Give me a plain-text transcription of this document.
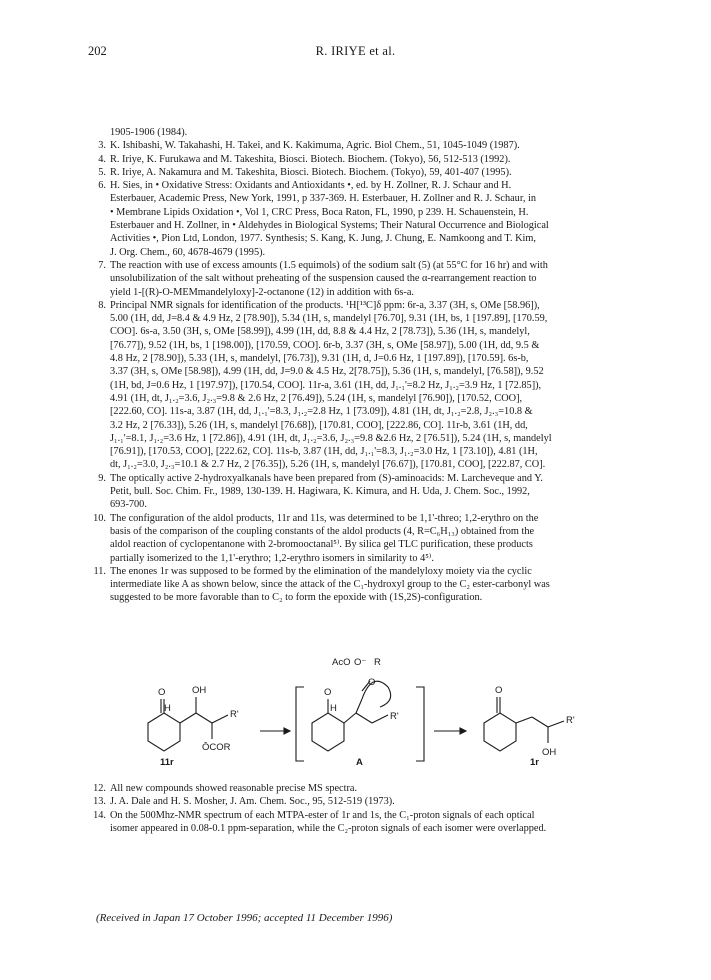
202	R. IRIYE et al.
1905-1906 (1984).
3. K. Ishibashi, W. Takahashi, H. Takei, and K. Kakimuma, Agric. Biol Chem., 51, 1045-1049 (1987).
4. R. Iriye, K. Furukawa and M. Takeshita, Biosci. Biotech. Biochem. (Tokyo), 56, 512-513 (1992).
5. R. Iriye, A. Nakamura and M. Takeshita, Biosci. Biotech. Biochem. (Tokyo), 59, 401-407 (1995).
6. H. Sies, in • Oxidative Stress: Oxidants and Antioxidants •, ed. by H. Zollner, R. J. Schaur and H.
Esterbauer, Academic Press, New York, 1991, p 337-369. H. Esterbauer, H. Zollner and R. J. Schaur, in
• Membrane Lipids Oxidation •, Vol 1, CRC Press, Boca Raton, FL, 1990, p 239. H. Schauenstein, H.
Esterbauer and H. Zollner, in • Aldehydes in Biological Systems; Their Natural Occurrence and Biological
Activities •, Pion Ltd, London, 1977. Synthesis; S. Kang, K. Jung, J. Chung, E. Namkoong and T. Kim,
J. Org. Chem., 60, 4678-4679 (1995).
7. The reaction with use of excess amounts (1.5 equimols) of the sodium salt (5) (at 55°C for 16 hr) and with
unsolubilization of the salt without preheating of the suspension caused the α-rearrangement reaction to
yield 1-[(R)-O-MEMmandelyloxy]-2-octanone (12) in addition with 6s-a.
8. Principal NMR signals for identification of the products. ¹H[¹³C]δ ppm: 6r-a, 3.37 (3H, s, OMe [58.96]),
5.00 (1H, dd, J=8.4 & 4.9 Hz, 2 [78.90]), 5.34 (1H, s, mandelyl [76.70], 9.31 (1H, bs, 1 [197.89], [170.59,
COO]. 6s-a, 3.50 (3H, s, OMe [58.99]), 4.99 (1H, dd, 8.8 & 4.4 Hz, 2 [78.73]), 5.36 (1H, s, mandelyl,
[76.77]), 9.52 (1H, bs, 1 [198.00]), [170.59, COO]. 6r-b, 3.37 (3H, s, OMe [58.97]), 5.00 (1H, dd, 9.5 &
4.8 Hz, 2 [78.90]), 5.33 (1H, s, mandelyl, [76.73]), 9.31 (1H, d, J=0.6 Hz, 1 [197.89]), [170.59]. 6s-b,
3.37 (3H, s, OMe [58.98]), 4.99 (1H, dd, J=9.0 & 4.5 Hz, 2[78.75]), 5.36 (1H, s, mandelyl, [76.58]), 9.52
(1H, bd, J=0.6 Hz, 1 [197.97]), [170.54, COO]. 11r-a, 3.61 (1H, dd, J₁.₁'=8.2 Hz, J₁.₂=3.9 Hz, 1 [72.85]),
4.91 (1H, dt, J₁.₂=3.6, J₂.₃=9.8 & 2.6 Hz, 2 [76.49]), 5.24 (1H, s, mandelyl [76.90]), [170.52, COO],
[222.60, CO]. 11s-a, 3.87 (1H, dd, J₁.₁'=8.3, J₁.₂=2.8 Hz, 1 [73.09]), 4.81 (1H, dt, J₁.₂=2.8, J₂.₃=10.8 &
3.2 Hz, 2 [76.33]), 5.26 (1H, s, mandelyl [76.68]), [170.81, COO], [222.86, CO]. 11r-b, 3.61 (1H, dd,
J₁.₁'=8.1, J₁.₂=3.6 Hz, 1 [72.86]), 4.91 (1H, dt, J₁.₂=3.6, J₂.₃=9.8 &2.6 Hz, 2 [76.51]), 5.24 (1H, s, mandelyl
[76.91]), [170.53, COO], [222.62, CO]. 11s-b, 3.87 (1H, dd, J₁.₁'=8.3, J₁.₂=3.0 Hz, 1 [73.10]), 4.81 (1H,
dt, J₁.₂=3.0, J₂.₃=10.1 & 2.7 Hz, 2 [76.35]), 5.26 (1H, s, mandelyl [76.67]), [170.81, COO], [222.87, CO].
9. The optically active 2-hydroxyalkanals have been prepared from (S)-aminoacids: M. Larcheveque and Y.
Petit, bull. Soc. Chim. Fr., 1989, 130-139. H. Hagiwara, K. Kimura, and H. Uda, J. Chem. Soc., 1992,
693-700.
10. The configuration of the aldol products, 11r and 11s, was determined to be 1,1'-threo; 1,2-erythro on the
basis of the comparison of the coupling constants of the aldol products (4, R=C₆H₁₃) obtained from the
aldol reaction of cyclopentanone with 2-bromooctanal⁵⁾. By silica gel TLC purification, these products
partially isomerized to the 1,1'-erythro; 1,2-erythro isomers in similarity to 4⁵⁾.
11. The enones 1r was supposed to be formed by the elimination of the mandelyloxy moiety via the cyclic
intermediate like A as shown below, since the attack of the C₁-hydroxyl group to the C₂ ester-carbonyl was
suggested to be more favorable than to C₂ to form the epoxide with (1S,2S)-configuration.
O
H
OH
R'
ŌCOR
11r
O
H
AcO O⁻ R
O
R'
A
O
R'
OH
1r
12. All new compounds showed reasonable precise MS spectra.
13. J. A. Dale and H. S. Mosher, J. Am. Chem. Soc., 95, 512-519 (1973).
14. On the 500Mhz-NMR spectrum of each MTPA-ester of 1r and 1s, the C₁-proton signals of each optical
isomer appeared in 0.08-0.1 ppm-separation, while the C₂-proton signals of each isomer were overlapped.
(Received in Japan 17 October 1996; accepted 11 December 1996)
